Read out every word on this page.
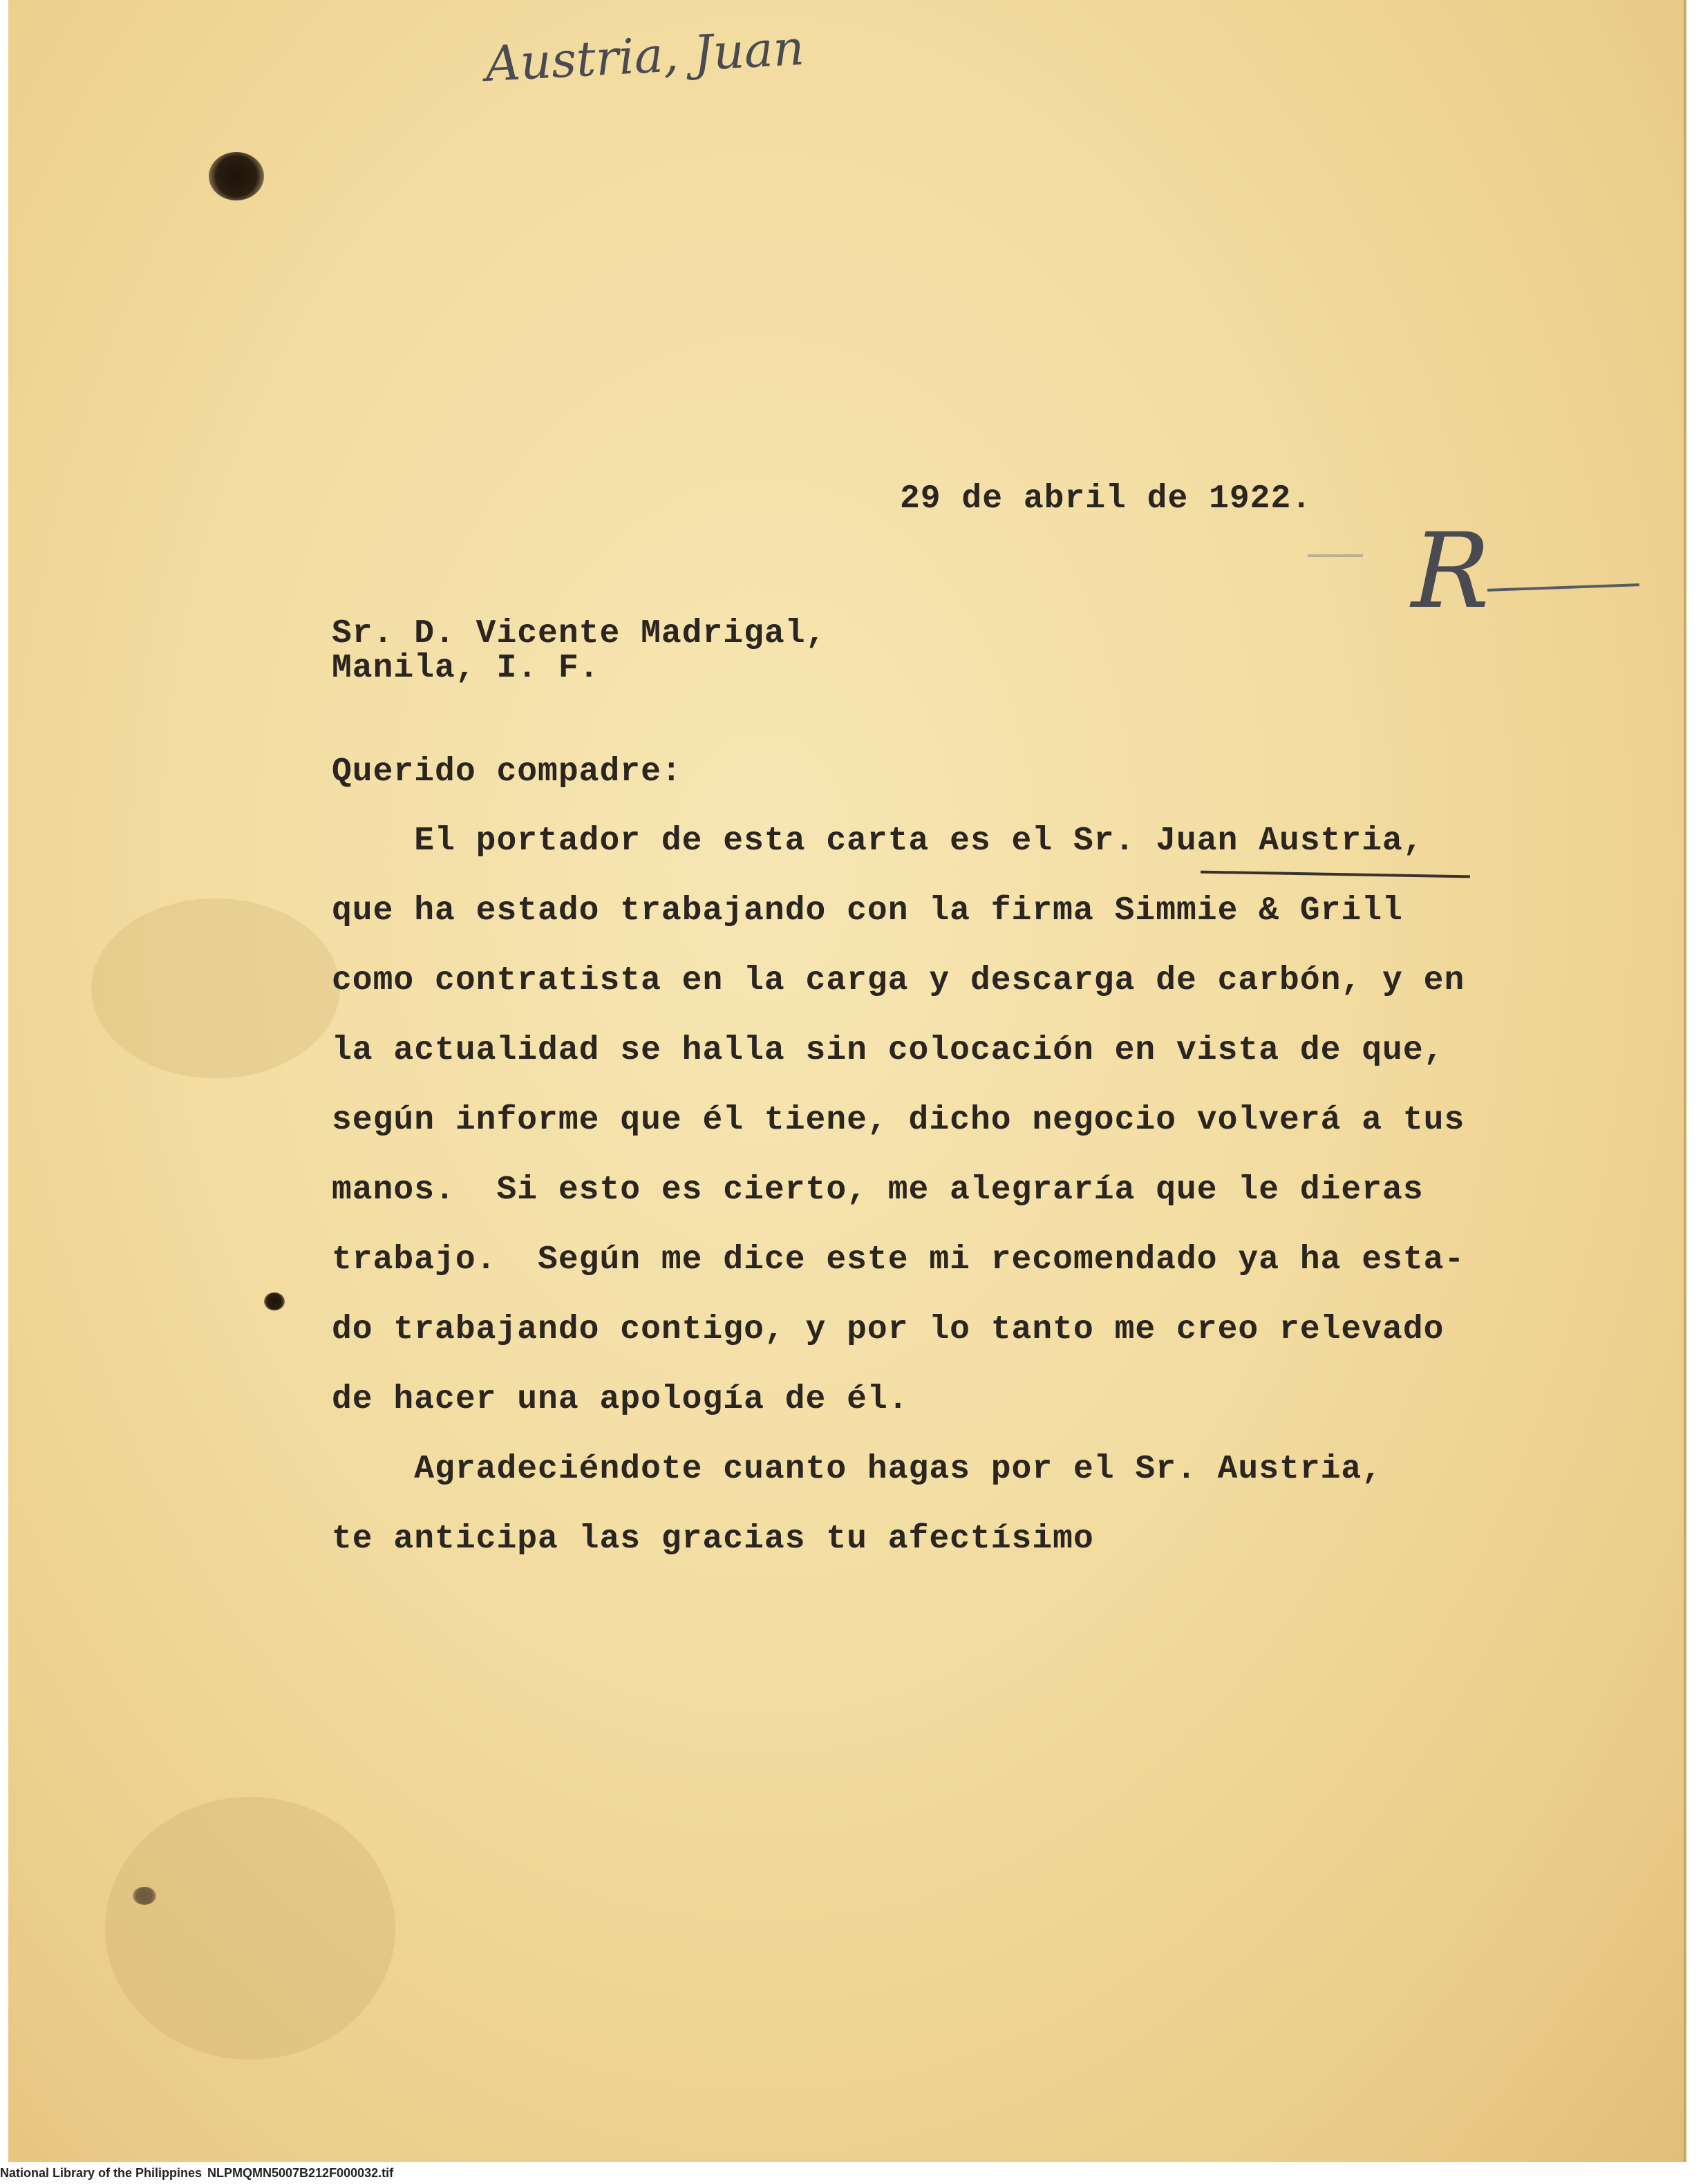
Austria, Juan
R
29 de abril de 1922.
Sr. D. Vicente Madrigal,
Manila, I. F.
Querido compadre:
El portador de esta carta es el Sr. Juan Austria,
que ha estado trabajando con la firma Simmie & Grill
como contratista en la carga y descarga de carbón, y en
la actualidad se halla sin colocación en vista de que,
según informe que él tiene, dicho negocio volverá a tus
manos.  Si esto es cierto, me alegraría que le dieras
trabajo.  Según me dice este mi recomendado ya ha esta-
do trabajando contigo, y por lo tanto me creo relevado
de hacer una apología de él.
Agradeciéndote cuanto hagas por el Sr. Austria,
te anticipa las gracias tu afectísimo
National Library of the Philippines NLPMQMN5007B212F000032.tif
